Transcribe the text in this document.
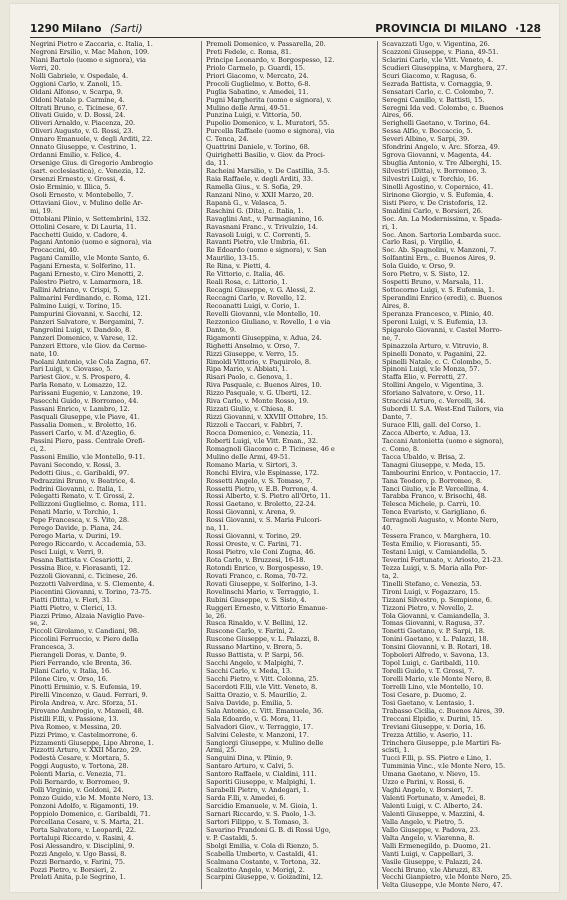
1290 Milano (Sarti)	PROVINCIA DI MILANO ·128
Negrini Pietro e Zaccaria, c. Italia, 1.
Negroni Ersilio, v. Mac Mahon, 109.
Niani Bartolo (uomo e signora), via
Verri, 20.
Nolli Gabriele, v. Ospedale, 4.
Oggioni Carlo, v. Zanoli, 15.
Oldani Alfonso, v. Scarpa, 9.
Oldoni Natale p. Carmine, 4.
Oltrati Bruno, c. Ticinese, 67.
Olivati Guido, v. D. Bossi, 24.
Oliveri Arnaldo, v. Piacenza, 20.
Oliveri Augusto, v. G. Rossi, 23.
Onnaro Emanuele, v. degli Arditi, 22.
Onnato Giuseppe, v. Cestrino, 1.
Ordanni Emilio, v. Felice, 4.
Orsenige Gius. di Gregorio Ambrogio
(sart. ecclesiastica), c. Venezia, 12.
Orsenzi Ernesto, v. Grossi, 4.
Osio Erminio, v. Illica, 5.
Osoli Ernesto, v. Montebello, 7.
Ottaviani Giov., v. Mulino delle Ar-
mi, 19.
Ottobiani Plinio, v. Settembrini, 132.
Ottolini Cesare, v. Di Lauria, 11.
Pacchetti Guido, v. Cadore, 4.
Pagani Antonio (uomo e signora), via
Procaccini, 40.
Pagani Camillo, v.le Monte Santo, 6.
Pagani Ernesta, v. Solferino, 11.
Pagani Ernesto, v. Ciro Menotti, 2.
Palestro Pietro, v. Lamarmora, 18.
Pallini Adriano, v. Crispi, 5.
Palmarini Ferdinando, c. Roma, 121.
Palmino Luigi, v. Torino, 15.
Pampurini Giovanni, v. Sacchi, 12.
Panzeri Salvatore, v. Bergamini, 7.
Pangrolini Luigi, v. Dandolo, 8.
Panzeri Domenico, v. Varese, 12.
Panzeri Ettore, v.le Giov. da Cerme-
nate, 10.
Paolani Antonio, v.le Cola Zagna, 67.
Pari Luigi, v. Ciovasso, 5.
Pariest Giov., v. S. Prospero, 4.
Parla Renato, v. Lomazzo, 12.
Parissani Eugenio, v. Lanzone, 19.
Pasecchi Guido, v. Borromeo, 44.
Passani Enrico, v. Lambro, 12.
Pasquali Giuseppe, v.le Piave, 41.
Passalia Domen., v. Broletto, 16.
Passeri Carlo, v. M. d'Azeglio, 6.
Passini Piero, pass. Centrale Orefi-
ci, 2.
Passoni Emilio, v.le Montello, 9-11.
Pavani Secondo, v. Rossi, 3.
Pedotti Gius., c. Garibaldi, 97.
Pedrazzini Bruno, v. Beatrice, 4.
Pedrini Giovanni, c. Italia, 1.
Pelegatti Renato, v. T. Grossi, 2.
Pellizzoni Guglielmo, c. Roma, 111.
Penati Mario, v. Torchio, 1.
Pepe Francesca, v. S. Vito, 28.
Perego Davide, p. Piana, 24.
Perego Maria, v. Durini, 19.
Perego Riccardo, v. Accademia, 53.
Pesci Luigi, v. Verri, 9.
Pesana Battista v. Cesariotti, 2.
Pessina Bice, v. Fiorasanti, 12.
Pezzoli Giovanni, c. Ticinese, 26.
Pezzotti Valverdina, v. S. Clemente, 4.
Piacentini Giovanni, v. Torino, 73-75.
Piatti (Ditta), v. Fieri, 31.
Piatti Pietro, v. Clerici, 13.
Piazzi Primo, Alzaia Naviglio Pave-
se, 2.
Piccoli Girolamo, v. Candiani, 98.
Piccolini Ferruccio, v. Piero della
Francesca, 3.
Pierangeli Doras, v. Dante, 9.
Pieri Ferrando, v.le Brenta, 36.
Pilani Carlo, v. Italia, 16.
Pilone Ciro, v. Orso, 16.
Pinotti Erminio, v. S. Eufemia, 19.
Pirelli Vincenzo, v. Gaud. Ferrari, 9.
Pirola Andrea, v. Arc. Sforza, 51.
Pirovano Ambrogio, v. Mameli, 48.
Pistilli F.lli, v. Passione, 13.
Piva Romeo, v. Messina, 20.
Pizzi Primo, v. Castelmorrone, 6.
Pizzamenti Giuseppe, Lipo Abrone, 1.
Pizzotti Arturo, v. XXII Marzo, 29.
Podestà Cesare, v. Mortara, 5.
Poggi Augusto, v. Tortona, 28.
Polenti Maria, c. Venezia, 71.
Poli Bernardo, v. Borromeo, 9.
Polli Virginio, v. Goldoni, 24.
Ponzo Guido, v.le M. Monte Nero, 13.
Ponzoni Adolfo, v. Rigamonti, 19.
Poppiolo Domenico, c. Garibaldi, 71.
Porcellana Cesare, v. S. Marta, 21.
Porta Salvatore, v. Leopardi, 22.
Portalupi Riccardo, v. Rasini, 4.
Posi Alessandro, v. Disciplini, 9.
Pozzi Angelo, v. Ugo Bassi, 8.
Pozzi Bernardo, v. Farini, 75.
Pozzi Pietro, v. Borsieri, 2.
Prelati Anita, p.le Segrino, 1.
Premoli Domenico, v. Passarella, 20.
Preti Fedele, c. Roma, 81.
Principe Leonardo, v. Borgospesso, 12.
Priolo Carmelo, p. Guardi, 15.
Priori Giacomo, v. Mercato, 24.
Procoli Guglielmo, v. Botto, 6-8.
Puglia Sabatino, v. Amedei, 11.
Pugni Margherita (uomo e signora), v.
Mulino delle Armi, 49-51.
Punzina Luigi, v. Vittoria, 50.
Pupolio Domenico, v. L. Muratori, 55.
Purcella Raffaele (uomo e signora), via
C. Tenca, 24.
Quattrini Daniele, v. Torino, 68.
Quirighetti Basilio, v. Giov. da Proci-
da, 11.
Racheini Marsilio, v. De Castillia, 3-5.
Raia Raffaele, v. degli Arditi, 33.
Ramella Gius., v. S. Sofia, 29.
Ranzani Nino, v. XXII Marzo, 20.
Rapanà G., v. Velasca, 5.
Raschini G. (Dita), c. Italia, 1.
Ravaglini Ant., v. Parmagianino, 16.
Ravasnani Franc., v. Trivulzio, 14.
Ravasoli Luigi, v. C. Correnti, 5.
Ravanti Pietro, v.le Umbria, 61.
Re Edoardo (uomo e signora), v. San
Maurilio, 13-15.
Re Rina, v. Pietti, 4.
Re Vittorio, c. Italia, 46.
Reali Rosa, c. Littorio, 1.
Recagni Giuseppe, v. G. Alessi, 2.
Reccagni Carlo, v. Rovello, 12.
Recoanatti Luigi, v. Corio, 1.
Revelli Giovanni, v.le Montello, 10.
Rezzonico Giuliano, v. Rovello, 1 e via
Dante, 9.
Rigamonti Giuseppina, v. Adua, 24.
Righetti Anselmo, v. Orso, 7.
Rizzi Giuseppe, v. Verro, 15.
Rimoldi Vittorio, v. Paquirolo, 8.
Ripa Mario, v. Abbiati, 1.
Risari Paolo, c. Genova, 1.
Riva Pasquale, c. Buenos Aires, 10.
Rizzo Pasquale, v. G. Uberti, 12.
Riva Carlo, v. Monte Rosso, 19.
Rizzati Giulio, v. Chiesa, 8.
Rizzi Giovanni, v. XXVIII Ottobre, 15.
Rizzoli e Taccari, v. Fabbri, 7.
Rocca Domenico, c. Venezia, 11.
Roberti Luigi, v.le Vitt. Eman., 32.
Romagnoli Giacomo c. P. Ticinese, 46 e
Mulino delle Armi, 49-51.
Romano Maria, v. Sirtori, 3.
Ronchi Elvira, v.le Espinasse, 172.
Rossetti Angelo, v. S. Tomaso, 7.
Rossetti Pietro, v. E.B. Porrone, 4.
Rossi Alberto, v. S. Pietro all'Orto, 11.
Rossi Gaetano, v. Broletto, 22-24.
Rossi Giovanni, v. Arena, 9.
Rossi Giovanni, v. S. Maria Fulcori-
na, 11.
Rossi Giovanni, v. Torino, 29.
Rossi Oreste, v. C. Farini, 71.
Rossi Pietro, v.le Coni Zugna, 46.
Rota Carlo, v. Bruzzesi, 16-18.
Rotondi Enrico, v. Borgospesso, 19.
Rovati Franco, c. Roma, 70-72.
Rovati Giuseppe, v. Solferino, 1-3.
Rovelinschi Mario, v. Terraggio, 1.
Rubini Giuseppe, v. S. Sisto, 4.
Ruggeri Ernesto, v. Vittorio Emanue-
le, 26.
Rusca Rinaldo, v. V. Bellini, 12.
Ruscone Carlo, v. Farini, 2.
Ruscone Giuseppe, v. L. Palazzi, 8.
Russano Martino, v. Brera, 5.
Russo Battista, v. P. Sarpi, 56.
Sacchi Angelo, v. Malpighi, 7.
Sacchi Carlo, v. Meda, 13.
Sacchi Pietro, v. Vitt. Colonna, 25.
Sacerdoti F.lli, v.le Vitt. Veneto, 8.
Saitta Orazio, v. S. Maurilio, 2.
Saiva Davide, p. Emilia, 5.
Sala Antonio, c. Vitt. Emanuele, 36.
Sala Edoardo, v. G. Mora, 11.
Salvadori Giov., v. Terraggio, 17.
Salvini Celeste, v. Manzoni, 17.
Sangiorgi Giuseppe, v. Mulino delle
Armi, 25.
Sanguini Dina, v. Plinio, 9.
Santaro Arturo, v. Calvi, 5.
Santoro Raffaele, v. Cialdini, 111.
Saporiti Giuseppe, v. Malpighi, 1.
Sarabelli Pietro, v. Andegari, 1.
Sarda F.lli, v. Amedei, 6.
Sarcidio Emanuele, v. M. Gioia, 1.
Sarnari Riccardo, v. S. Paolo, 1-3.
Sartori Filippo, v. S. Tomaso, 3.
Savarino Prandoni G. B. di Rossi Ugo,
v. P. Castaldi, 5.
Sbolgi Emilia, v. Cola di Rienzo, 5.
Scabella Umberto, v. Castaldi, 41.
Scalmana Costante, v. Tortona, 32.
Scalzotto Angelo, v. Morigi, 2.
Scarpini Giuseppe, v. Goizadini, 12.
Scavazzati Ugo, v. Vigentina, 26.
Scazzoni Giuseppe, v. Piana, 49-51.
Sclarini Carlo, v.le Vitt. Veneto, 4.
Scudieri Giuseppina, v. Marghera, 27.
Scuri Giacomo, v. Ragusa, 6.
Sezrada Battista, v. Cornaggia, 9.
Sensatari Carlo, c. C. Colombo, 7.
Seregni Camillo, v. Battisti, 15.
Seregni Ida ved. Colombo, c. Buenos
Aires, 66.
Serighelli Gaetano, v. Torino, 64.
Sessa Alfio, v. Boccaccio, 5.
Severi Albino, v. Sarpi, 39.
Sfondrini Angelo, v. Arc. Sforza, 49.
Sgrova Giovanni, v. Magenta, 44.
Sbuglia Antonio, v. Tre Alberghi, 15.
Silvestri (Ditta), v. Borromeo, 3.
Silvestri Luigi, v. Torchio, 16.
Sinelli Agostino, v. Copernico, 41.
Sirinone Giorgio, v. S. Eufemia, 4.
Sisti Piero, v. De Cristoforis, 12.
Smaldini Carlo, v. Borsieri, 26.
Soc. An. La Modernissima, v. Spada-
ri, 1.
Soc. Anon. Sartoria Lombarda succ.
Carlo Rasi, p. Virgilio, 4.
Soc. Ab. Spagnolini, v. Manzoni, 7.
Solfantini Ern., c. Buenos Aires, 9.
Sola Guido, v. Orso, 9.
Soro Pietro, v. S. Sisto, 12.
Sospetti Bruno, v. Marsala, 11.
Sottocorno Luigi, v. S. Eufemia, 1.
Sperandini Enrico (eredi), c. Buenos
Aires, 8.
Speranza Francesco, v. Plinio, 40.
Speroni Luigi, v. S. Eufemia, 13.
Spigarolo Giovanni, v. Castel Morro-
ne, 7.
Spinazzola Arturo, v. Vitruvio, 8.
Spinelli Donato, v. Paganini, 22.
Spinelli Natale, c. C. Colombo, 5.
Spinoni Luigi, v.le Monza, 57.
Staffa Elio, v. Ferretti, 27.
Stollini Angelo, v. Vigentina, 3.
Sforiano Salvatore, v. Orso, 11.
Straccisi Arturo, c. Vercelli, 34.
Subordi U. S.A. West-End Tailors, via
Dante, 7.
Surace F.lli, gall. del Corso, 1.
Zacca Alberto, v. Adua, 13.
Taccani Antonietta (uomo e signora),
c. Como, 8.
Tacca Ubaldo, v. Brisa, 2.
Tanagni Giuseppe, v. Meda, 15.
Tambourini Enrico, v. Pontaccio, 17.
Tana Teodoro, p. Borromeo, 8.
Tanci Giulio, v.le P. Vercellina, 4.
Tarabba Franco, v. Brisochi, 48.
Telesca Michele, p. Carrù, 10.
Tenca Evaristo, v. Garigliano, 6.
Terragnoli Augusto, v. Monte Nero,
40.
Tessera Franco, v. Marghera, 10.
Testa Emilio, v. Fiorasanti, 55.
Testani Luigi, v. Camiandella, 5.
Teverini Fortunato, v. Ariosto, 21-23.
Tezza Luigi, v. S. Maria alla Por-
ta, 2.
Tinelli Stefano, c. Venezia, 53.
Tironi Luigi, v. Fogazzaro, 15.
Tizzani Silvestro, p. Sempione, 6.
Tizzoni Pietro, v. Novello, 2.
Tola Giovanni, v. Camiandella, 3.
Tomas Giovanni, v. Ragusa, 37.
Tonetti Gaetano, v. P. Sarpi, 18.
Tonini Gaetano, v. L. Palazzi, 18.
Tonsini Giovanni, v. B. Rotari, 18.
Topboleri Alfredo, v. Savona, 13.
Topol Luigi, c. Garibaldi, 110.
Torelli Guido, v. T. Grossi, 7.
Torelli Mario, v.le Monte Nero, 8.
Torrelli Lino, v.le Montello, 10.
Tosi Cesare, p. Duomo, 2.
Tosi Gaetano, v. Lentasio, 1.
Trabasso Cicilia, c. Buenos Aires, 39.
Treccani Elpidio, v. Durini, 15.
Treviani Giuseppe, v. Doria, 16.
Trezza Attilio, v. Aserio, 11.
Trinchera Giuseppe, p.le Martiri Fa-
scisti, 1.
Tucci F.lli, p. SS. Pietro e Lino, 1.
Tumminia Vinc., v.le Monte Nero, 15.
Umana Gaetano, v. Nievo, 15.
Uzzo e Parini, v. Rossi, 6.
Vaghi Angelo, v. Borsieri, 7.
Valenti Fortunato, v. Amedei, 8.
Valenti Luigi, v. C. Alberto, 24.
Valenti Giuseppe, v. Mazzini, 4.
Valla Angelo, v. Pietro, 5.
Vallo Giuseppe, v. Padova, 23.
Valta Angelo, v. Viarenna, 8.
Valli Ermenegildo, p. Duomo, 21.
Vanti Luigi, v. Cappellari, 3.
Vasile Giuseppe, v. Palazzi, 24.
Vecchi Bruno, v.le Abruzzi, 83.
Vecchi Gianpietro, v.le Monte Nero, 25.
Velta Giuseppe, v.le Monte Nero, 47.
